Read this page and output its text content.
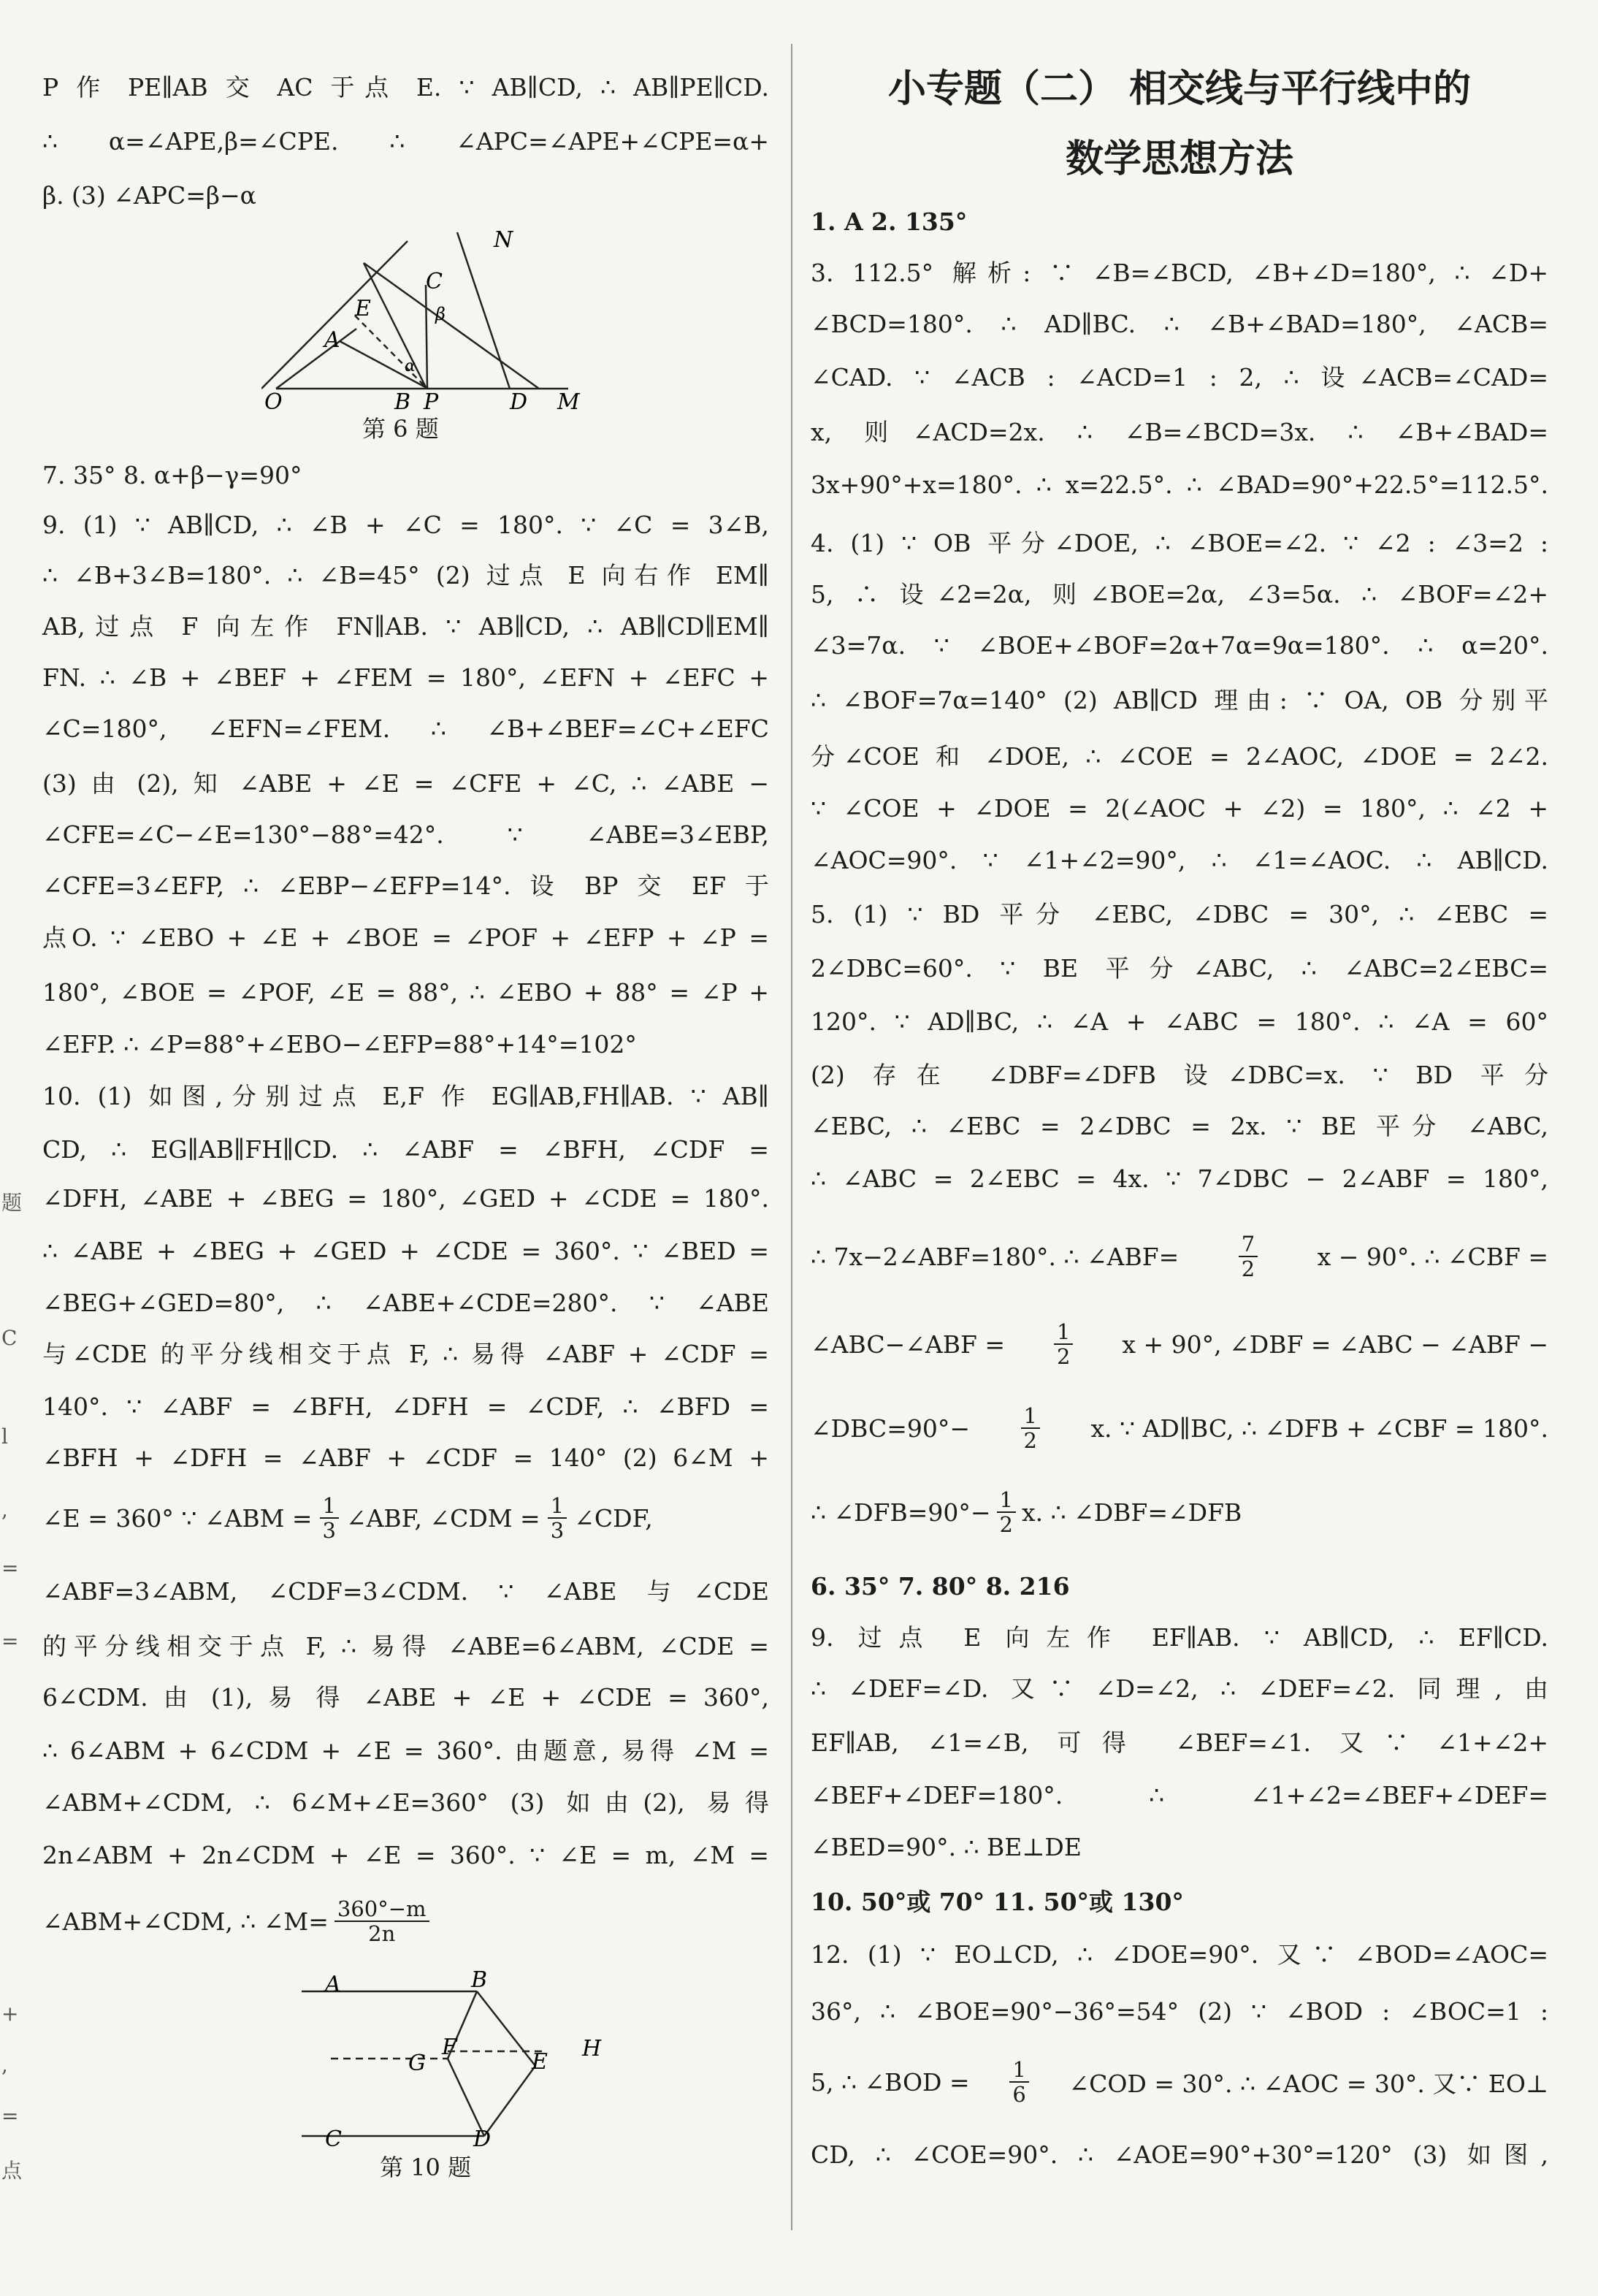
题
C
l
,
=
=
+
,
=
点
P 作 PE∥AB 交 AC 于点 E. ∵ AB∥CD, ∴ AB∥PE∥CD.
∴ α=∠APE,β=∠CPE. ∴ ∠APC=∠APE+∠CPE=α+
β. (3) ∠APC=β−α
N
C
β
E
A
α
O	B P	D M
第 6 题
7. 35° 8. α+β−γ=90°
9. (1) ∵ AB∥CD, ∴ ∠B + ∠C = 180°. ∵ ∠C = 3∠B,
∴ ∠B+3∠B=180°. ∴ ∠B=45° (2) 过点 E 向右作 EM∥
AB,过点 F 向左作 FN∥AB. ∵ AB∥CD, ∴ AB∥CD∥EM∥
FN. ∴ ∠B + ∠BEF + ∠FEM = 180°, ∠EFN + ∠EFC +
∠C=180°, ∠EFN=∠FEM. ∴ ∠B+∠BEF=∠C+∠EFC
(3) 由 (2), 知 ∠ABE + ∠E = ∠CFE + ∠C, ∴ ∠ABE −
∠CFE=∠C−∠E=130°−88°=42°. ∵ ∠ABE=3∠EBP,
∠CFE=3∠EFP, ∴ ∠EBP−∠EFP=14°. 设 BP 交 EF 于
点O. ∵ ∠EBO + ∠E + ∠BOE = ∠POF + ∠EFP + ∠P =
180°, ∠BOE = ∠POF, ∠E = 88°, ∴ ∠EBO + 88° = ∠P +
∠EFP. ∴ ∠P=88°+∠EBO−∠EFP=88°+14°=102°
10. (1) 如图,分别过点 E,F 作 EG∥AB,FH∥AB. ∵ AB∥
CD, ∴ EG∥AB∥FH∥CD. ∴ ∠ABF = ∠BFH, ∠CDF =
∠DFH, ∠ABE + ∠BEG = 180°, ∠GED + ∠CDE = 180°.
∴ ∠ABE + ∠BEG + ∠GED + ∠CDE = 360°. ∵ ∠BED =
∠BEG+∠GED=80°, ∴ ∠ABE+∠CDE=280°. ∵ ∠ABE
与∠CDE 的平分线相交于点 F, ∴ 易得 ∠ABF + ∠CDF =
140°. ∵ ∠ABF = ∠BFH, ∠DFH = ∠CDF, ∴ ∠BFD =
∠BFH + ∠DFH = ∠ABF + ∠CDF = 140° (2) 6∠M +
∠E = 360° ∵ ∠ABM = $\frac{1}{3}$ ∠ABF, ∠CDM = $\frac{1}{3}$ ∠CDF,
∠ABF=3∠ABM, ∠CDF=3∠CDM. ∵ ∠ABE 与∠CDE
的平分线相交于点 F, ∴ 易得 ∠ABE=6∠ABM, ∠CDE =
6∠CDM. 由 (1), 易 得 ∠ABE + ∠E + ∠CDE = 360°,
∴ 6∠ABM + 6∠CDM + ∠E = 360°. 由题意, 易得 ∠M =
∠ABM+∠CDM, ∴ 6∠M+∠E=360° (3) 如由(2), 易得
2n∠ABM + 2n∠CDM + ∠E = 360°. ∵ ∠E = m, ∠M =
∠ABM+∠CDM, ∴ ∠M= $\frac{360^\circ-m}{2n}$
A	B
F
G	E
H
C	D
第 10 题
小专题（二） 相交线与平行线中的
数学思想方法
1. A 2. 135°
3. 112.5° 解析: ∵ ∠B=∠BCD, ∠B+∠D=180°, ∴ ∠D+
∠BCD=180°. ∴ AD∥BC. ∴ ∠B+∠BAD=180°, ∠ACB=
∠CAD. ∵ ∠ACB : ∠ACD=1 : 2, ∴ 设∠ACB=∠CAD=
x, 则∠ACD=2x. ∴ ∠B=∠BCD=3x. ∴ ∠B+∠BAD=
3x+90°+x=180°. ∴ x=22.5°. ∴ ∠BAD=90°+22.5°=112.5°.
4. (1) ∵ OB 平分∠DOE, ∴ ∠BOE=∠2. ∵ ∠2 : ∠3=2 :
5, ∴ 设∠2=2α, 则∠BOE=2α, ∠3=5α. ∴ ∠BOF=∠2+
∠3=7α. ∵ ∠BOE+∠BOF=2α+7α=9α=180°. ∴ α=20°.
∴ ∠BOF=7α=140° (2) AB∥CD 理由: ∵ OA, OB 分别平
分∠COE 和 ∠DOE, ∴ ∠COE = 2∠AOC, ∠DOE = 2∠2.
∵ ∠COE + ∠DOE = 2(∠AOC + ∠2) = 180°, ∴ ∠2 +
∠AOC=90°. ∵ ∠1+∠2=90°, ∴ ∠1=∠AOC. ∴ AB∥CD.
5. (1) ∵ BD 平分 ∠EBC, ∠DBC = 30°, ∴ ∠EBC =
2∠DBC=60°. ∵ BE 平分∠ABC, ∴ ∠ABC=2∠EBC=
120°. ∵ AD∥BC, ∴ ∠A + ∠ABC = 180°. ∴ ∠A = 60°
(2) 存在 ∠DBF=∠DFB 设∠DBC=x. ∵ BD 平分
∠EBC, ∴ ∠EBC = 2∠DBC = 2x. ∵ BE 平分 ∠ABC,
∴ ∠ABC = 2∠EBC = 4x. ∵ 7∠DBC − 2∠ABF = 180°,
∴ 7x−2∠ABF=180°. ∴ ∠ABF=	$\frac{7}{2}$ x − 90°. ∴ ∠CBF =
∠ABC−∠ABF = $\frac{1}{2}$ x + 90°, ∠DBF = ∠ABC − ∠ABF −
∠DBC=90°− $\frac{1}{2} x$. ∵ AD∥BC, ∴ ∠DFB + ∠CBF = 180°.
∴ ∠DFB=90°− $\frac{1}{2} x$. ∴ ∠DBF=∠DFB
6. 35° 7. 80° 8. 216
9. 过点 E 向左作 EF∥AB. ∵ AB∥CD, ∴ EF∥CD.
∴ ∠DEF=∠D. 又∵ ∠D=∠2, ∴ ∠DEF=∠2. 同理, 由
EF∥AB, ∠1=∠B, 可得 ∠BEF=∠1. 又∵ ∠1+∠2+
∠BEF+∠DEF=180°. ∴ ∠1+∠2=∠BEF+∠DEF=
∠BED=90°. ∴ BE⊥DE
10. 50°或 70° 11. 50°或 130°
12. (1) ∵ EO⊥CD, ∴ ∠DOE=90°. 又∵ ∠BOD=∠AOC=
36°, ∴ ∠BOE=90°−36°=54° (2) ∵ ∠BOD : ∠BOC=1 :
5, ∴ ∠BOD = $\frac{1}{6}$ ∠COD = 30°. ∴ ∠AOC = 30°. 又∵ EO⊥
CD, ∴ ∠COE=90°. ∴ ∠AOE=90°+30°=120° (3) 如图,
